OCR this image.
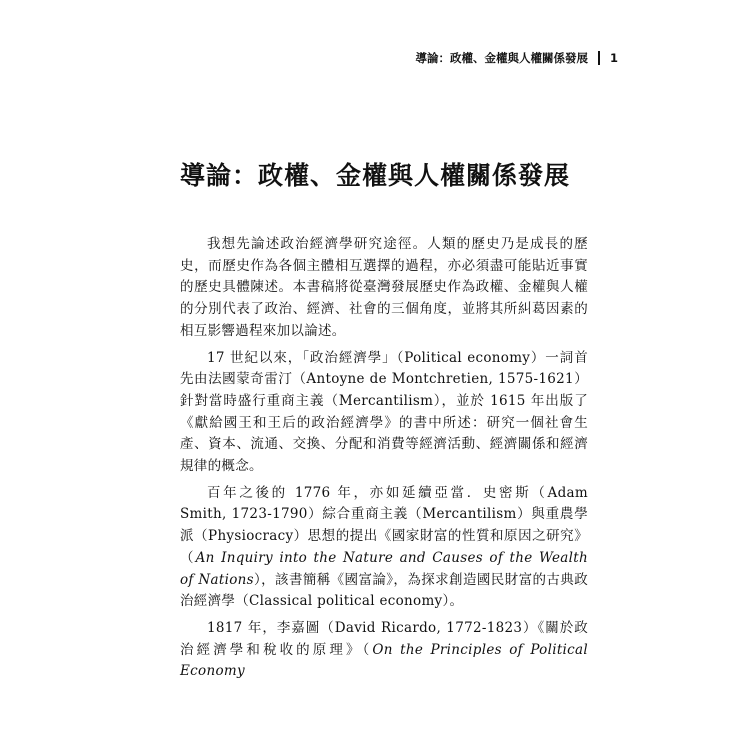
導論：政權、金權與人權關係發展 1
導論：政權、金權與人權關係發展

我想先論述政治經濟學研究途徑。人類的歷史乃是成長的歷史，而歷史作為各個主體相互選擇的過程，亦必須盡可能貼近事實的歷史具體陳述。本書稿將從臺灣發展歷史作為政權、金權與人權的分別代表了政治、經濟、社會的三個角度，並將其所糾葛因素的相互影響過程來加以論述。

17 世紀以來，「政治經濟學」（Political economy）一詞首先由法國蒙奇雷汀（Antoyne de Montchretien, 1575-1621）針對當時盛行重商主義（Mercantilism），並於 1615 年出版了《獻給國王和王后的政治經濟學》的書中所述：研究一個社會生產、資本、流通、交換、分配和消費等經濟活動、經濟關係和經濟規律的概念。

百年之後的 1776 年，亦如延續亞當．史密斯（Adam Smith, 1723-1790）綜合重商主義（Mercantilism）與重農學派（Physiocracy）思想的提出《國家財富的性質和原因之研究》（An Inquiry into the Nature and Causes of the Wealth of Nations），該書簡稱《國富論》，為探求創造國民財富的古典政治經濟學（Classical political economy）。

1817 年，李嘉圖（David Ricardo, 1772-1823）《關於政治經濟學和稅收的原理》（On the Principles of Political Economy
